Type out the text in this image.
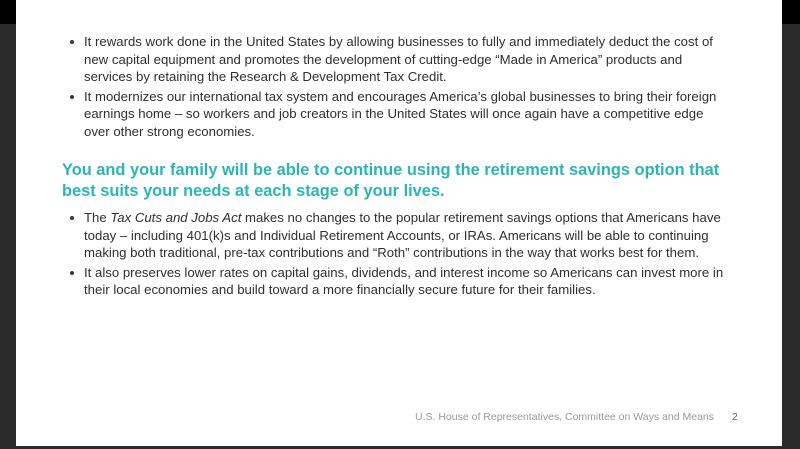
It rewards work done in the United States by allowing businesses to fully and immediately deduct the cost of new capital equipment and promotes the development of cutting-edge “Made in America” products and services by retaining the Research & Development Tax Credit.
It modernizes our international tax system and encourages America’s global businesses to bring their foreign earnings home – so workers and job creators in the United States will once again have a competitive edge over other strong economies.
You and your family will be able to continue using the retirement savings option that best suits your needs at each stage of your lives.
The Tax Cuts and Jobs Act makes no changes to the popular retirement savings options that Americans have today – including 401(k)s and Individual Retirement Accounts, or IRAs. Americans will be able to continuing making both traditional, pre-tax contributions and “Roth” contributions in the way that works best for them.
It also preserves lower rates on capital gains, dividends, and interest income so Americans can invest more in their local economies and build toward a more financially secure future for their families.
U.S. House of Representatives, Committee on Ways and Means 2
